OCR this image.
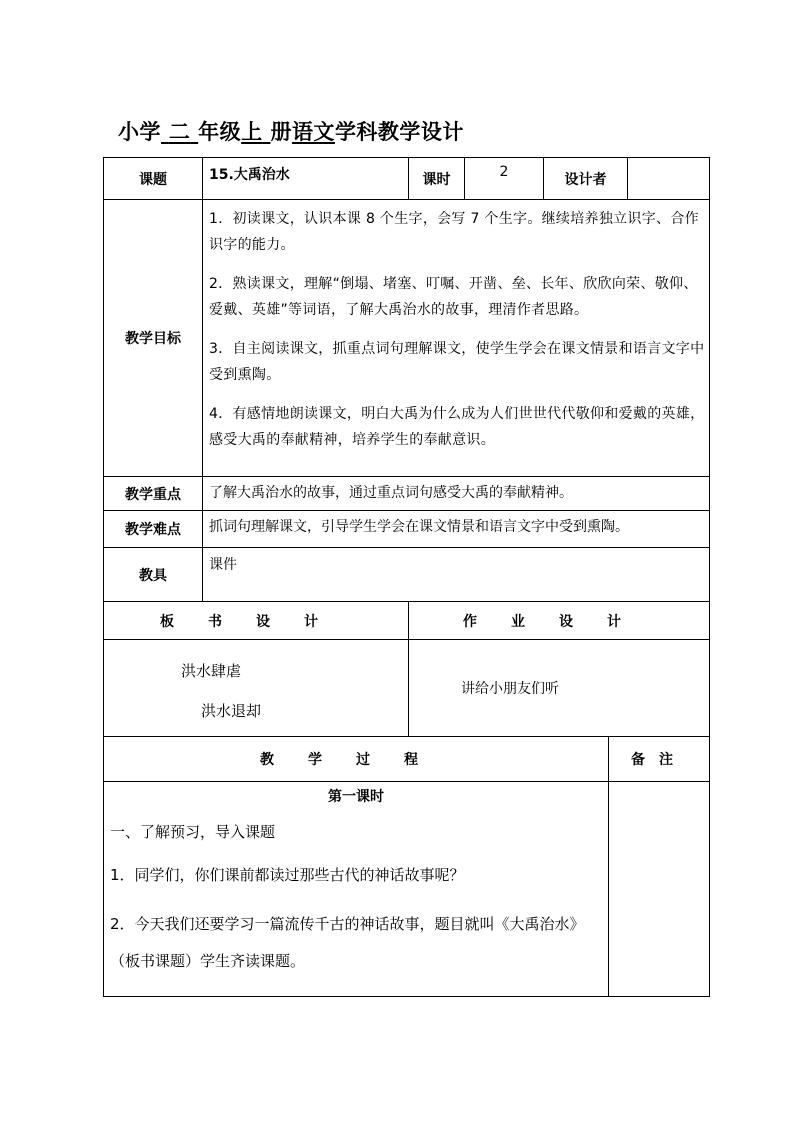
小学 二 年级上 册语文学科教学设计
课题	15.大禹治水	课时	2	设计者		
教学目标	1．初读课文，认识本课 8 个生字，会写 7 个生字。继续培养独立识字、合作识字的能力。

2．熟读课文，理解“倒塌、堵塞、叮嘱、开凿、垒、长年、欣欣向荣、敬仰、爱戴、英雄”等词语，了解大禹治水的故事，理清作者思路。

3．自主阅读课文，抓重点词句理解课文，使学生学会在课文情景和语言文字中受到熏陶。

4．有感情地朗读课文，明白大禹为什么成为人们世世代代敬仰和爱戴的英雄，感受大禹的奉献精神，培养学生的奉献意识。					

教学重点	了解大禹治水的故事，通过重点词句感受大禹的奉献精神。					
教学难点	抓词句理解课文，引导学生学会在课文情景和语言文字中受到熏陶。					
教具	课件					
板书设计		作业设计				

洪水肆虐
洪水退却		讲给小朋友们听				
教学过程					备注	

第一课时

一、了解预习，导入课题

1．同学们，你们课前都读过那些古代的神话故事呢？

2．今天我们还要学习一篇流传千古的神话故事，题目就叫《大禹治水》（板书课题）学生齐读课题。						
